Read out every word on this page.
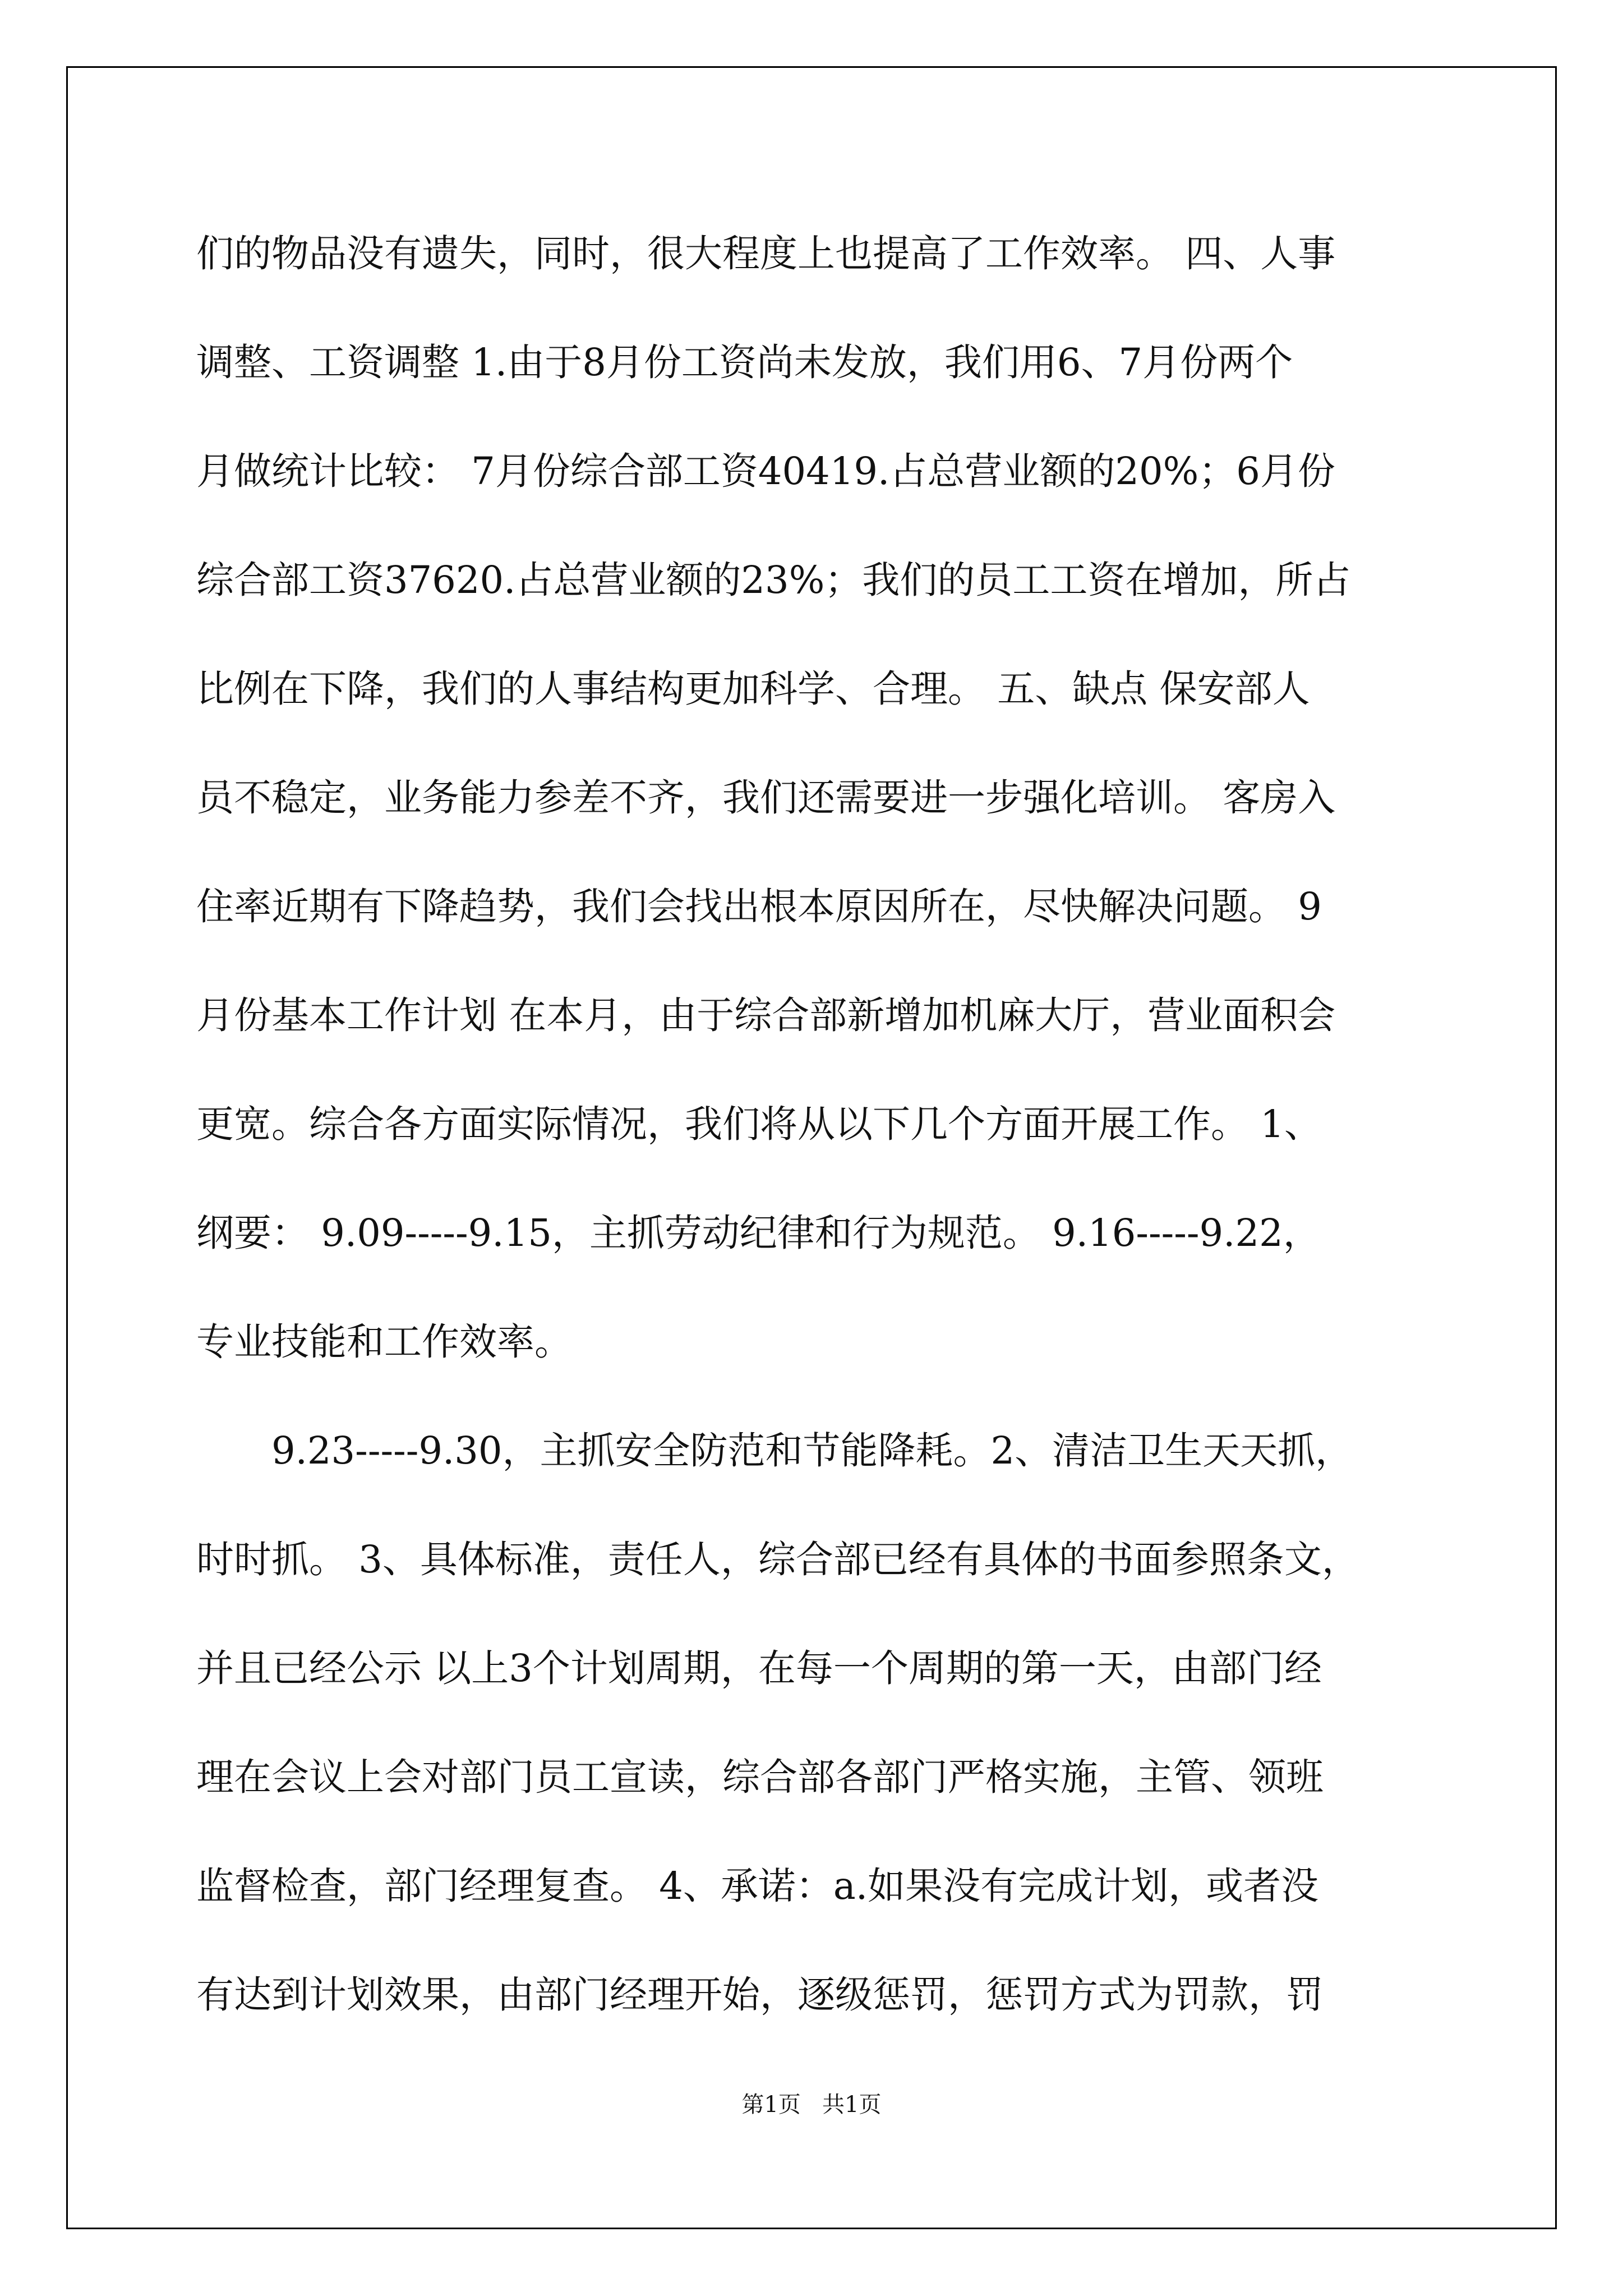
们的物品没有遗失，同时，很大程度上也提高了工作效率。 四、人事
调整、工资调整 1.由于8月份工资尚未发放，我们用6、7月份两个
月做统计比较： 7月份综合部工资40419.占总营业额的20%；6月份
综合部工资37620.占总营业额的23%；我们的员工工资在增加，所占
比例在下降，我们的人事结构更加科学、合理。 五、缺点 保安部人
员不稳定，业务能力参差不齐，我们还需要进一步强化培训。 客房入
住率近期有下降趋势，我们会找出根本原因所在，尽快解决问题。 9
月份基本工作计划 在本月，由于综合部新增加机麻大厅，营业面积会
更宽。综合各方面实际情况，我们将从以下几个方面开展工作。 1、
纲要： 9.09-----9.15，主抓劳动纪律和行为规范。 9.16-----9.22，
专业技能和工作效率。
9.23-----9.30，主抓安全防范和节能降耗。2、清洁卫生天天抓，
时时抓。 3、具体标准，责任人，综合部已经有具体的书面参照条文，
并且已经公示 以上3个计划周期，在每一个周期的第一天，由部门经
理在会议上会对部门员工宣读，综合部各部门严格实施，主管、领班
监督检查，部门经理复查。 4、承诺：a.如果没有完成计划，或者没
有达到计划效果，由部门经理开始，逐级惩罚，惩罚方式为罚款，罚
第1页   共1页
